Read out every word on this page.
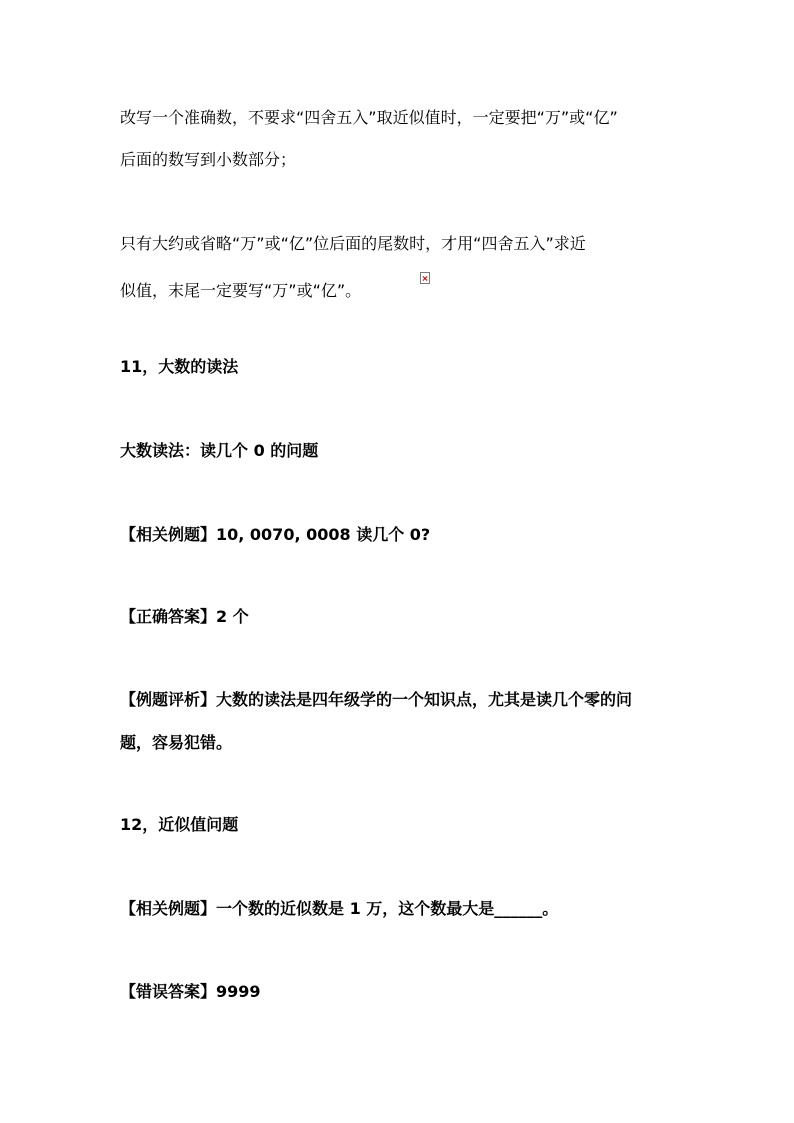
改写一个准确数，不要求“四舍五入”取近似值时，一定要把“万”或“亿”
后面的数写到小数部分；
只有大约或省略“万”或“亿”位后面的尾数时，才用“四舍五入”求近
似值，末尾一定要写“万”或“亿”。
11，大数的读法
大数读法：读几个 0 的问题
【相关例题】10, 0070, 0008 读几个 0?
【正确答案】2 个
【例题评析】大数的读法是四年级学的一个知识点，尤其是读几个零的问
题，容易犯错。
12，近似值问题
【相关例题】一个数的近似数是 1 万，这个数最大是______。
【错误答案】9999
